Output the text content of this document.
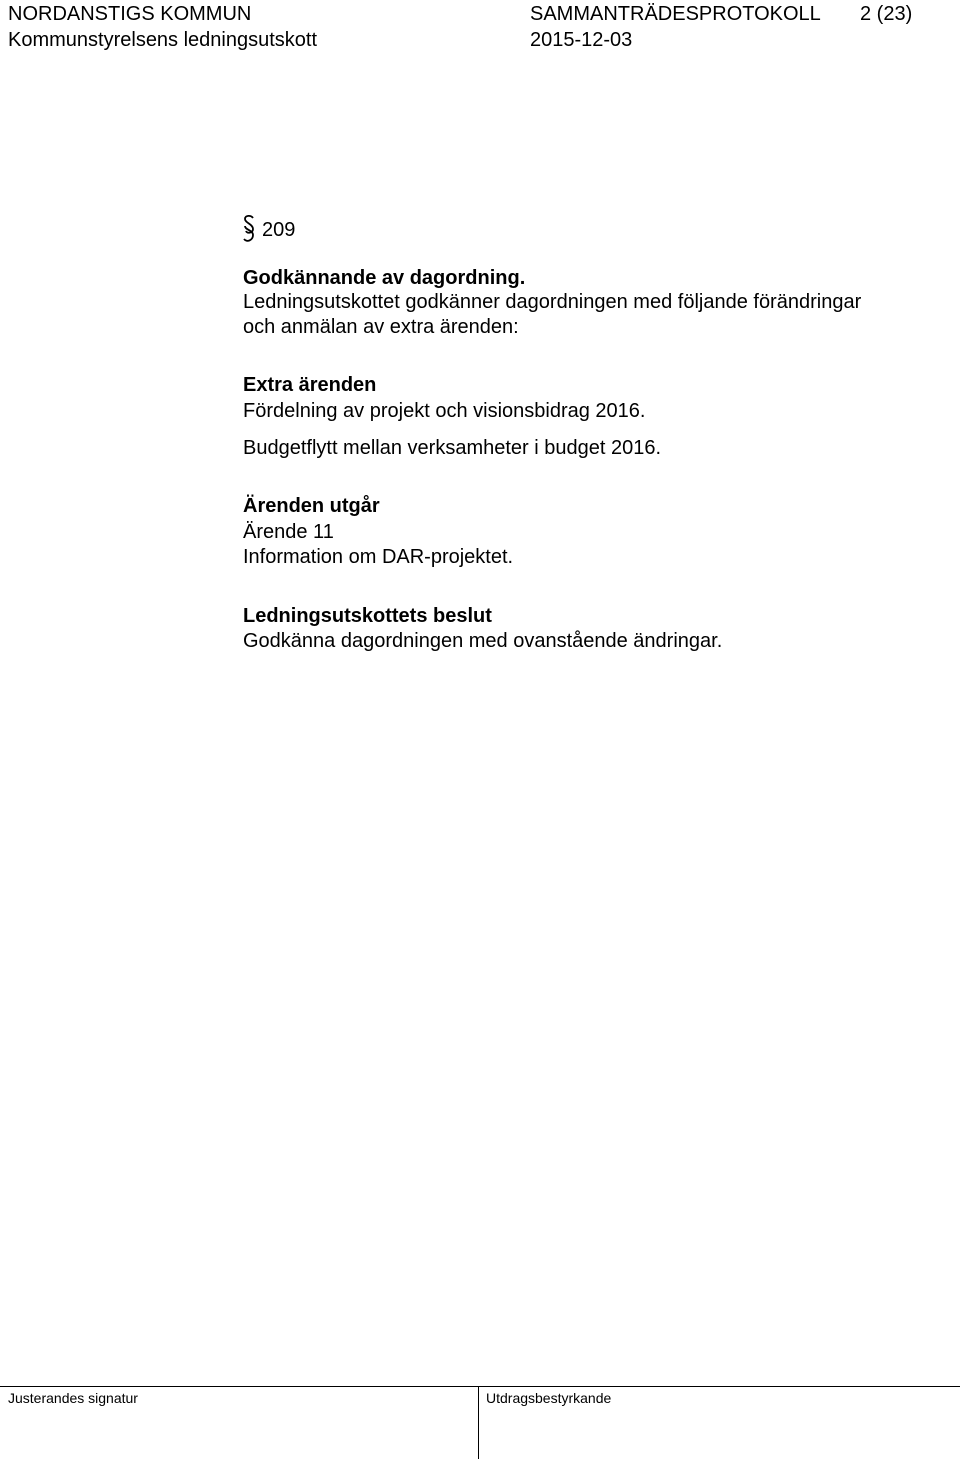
NORDANSTIGS KOMMUN	SAMMANTRÄDESPROTOKOLL 2 (23)
Kommunstyrelsens ledningsutskott	2015-12-03
209
Godkännande av dagordning.
Ledningsutskottet godkänner dagordningen med följande förändringar
och anmälan av extra ärenden:
Extra ärenden
Fördelning av projekt och visionsbidrag 2016.
Budgetflytt mellan verksamheter i budget 2016.
Ärenden utgår
Ärende 11
Information om DAR-projektet.
Ledningsutskottets beslut
Godkänna dagordningen med ovanstående ändringar.
Justerandes signatur	Utdragsbestyrkande
